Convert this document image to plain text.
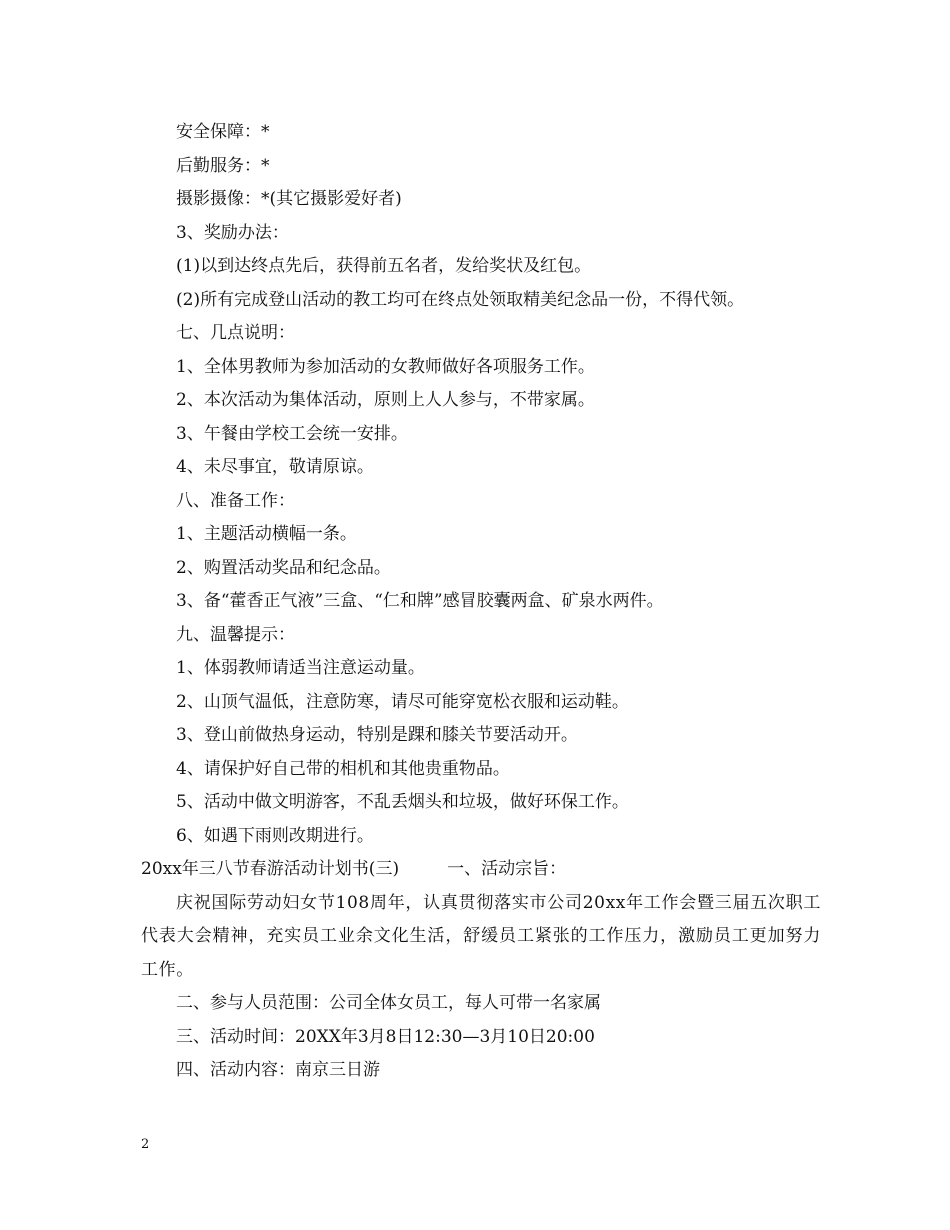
安全保障：*

后勤服务：*

摄影摄像：*(其它摄影爱好者)

3、奖励办法：

(1)以到达终点先后，获得前五名者，发给奖状及红包。

(2)所有完成登山活动的教工均可在终点处领取精美纪念品一份，不得代领。

七、几点说明：

1、全体男教师为参加活动的女教师做好各项服务工作。

2、本次活动为集体活动，原则上人人参与，不带家属。

3、午餐由学校工会统一安排。

4、未尽事宜，敬请原谅。

八、准备工作：

1、主题活动横幅一条。

2、购置活动奖品和纪念品。

3、备“藿香正气液”三盒、“仁和牌”感冒胶囊两盒、矿泉水两件。

九、温馨提示：

1、体弱教师请适当注意运动量。

2、山顶气温低，注意防寒，请尽可能穿宽松衣服和运动鞋。

3、登山前做热身运动，特别是踝和膝关节要活动开。

4、请保护好自己带的相机和其他贵重物品。

5、活动中做文明游客，不乱丢烟头和垃圾，做好环保工作。

6、如遇下雨则改期进行。

20xx年三八节春游活动计划书(三)	一、活动宗旨：

庆祝国际劳动妇女节108周年，认真贯彻落实市公司20xx年工作会暨三届五次职工代表大会精神，充实员工业余文化生活，舒缓员工紧张的工作压力，激励员工更加努力工作。

二、参与人员范围：公司全体女员工，每人可带一名家属

三、活动时间：20XX年3月8日12:30—3月10日20:00

四、活动内容：南京三日游

2
